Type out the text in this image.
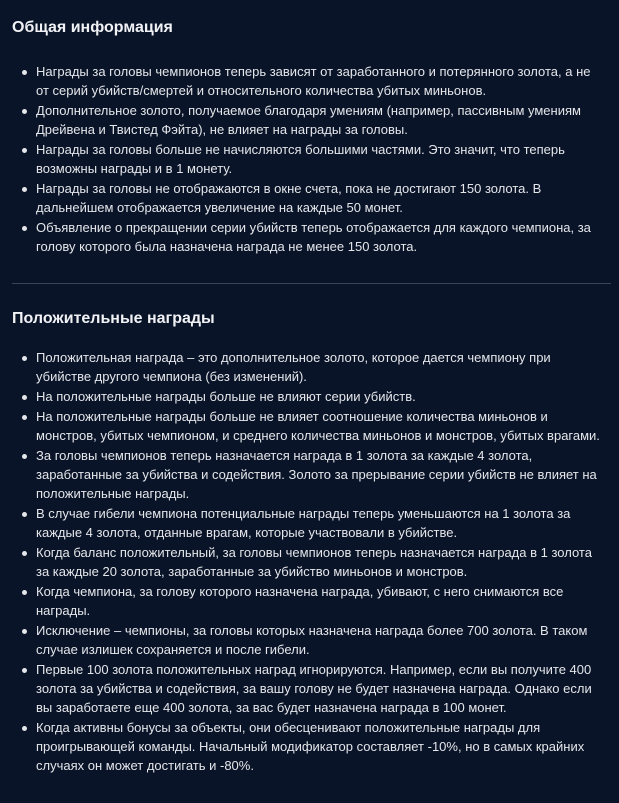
Общая информация
Награды за головы чемпионов теперь зависят от заработанного и потерянного золота, а не от серий убийств/смертей и относительного количества убитых миньонов.
Дополнительное золото, получаемое благодаря умениям (например, пассивным умениям Дрейвена и Твистед Фэйта), не влияет на награды за головы.
Награды за головы больше не начисляются большими частями. Это значит, что теперь возможны награды и в 1 монету.
Награды за головы не отображаются в окне счета, пока не достигают 150 золота. В дальнейшем отображается увеличение на каждые 50 монет.
Объявление о прекращении серии убийств теперь отображается для каждого чемпиона, за голову которого была назначена награда не менее 150 золота.
Положительные награды
Положительная награда – это дополнительное золото, которое дается чемпиону при убийстве другого чемпиона (без изменений).
На положительные награды больше не влияют серии убийств.
На положительные награды больше не влияет соотношение количества миньонов и монстров, убитых чемпионом, и среднего количества миньонов и монстров, убитых врагами.
За головы чемпионов теперь назначается награда в 1 золота за каждые 4 золота, заработанные за убийства и содействия. Золото за прерывание серии убийств не влияет на положительные награды.
В случае гибели чемпиона потенциальные награды теперь уменьшаются на 1 золота за каждые 4 золота, отданные врагам, которые участвовали в убийстве.
Когда баланс положительный, за головы чемпионов теперь назначается награда в 1 золота за каждые 20 золота, заработанные за убийство миньонов и монстров.
Когда чемпиона, за голову которого назначена награда, убивают, с него снимаются все награды.
Исключение – чемпионы, за головы которых назначена награда более 700 золота. В таком случае излишек сохраняется и после гибели.
Первые 100 золота положительных наград игнорируются. Например, если вы получите 400 золота за убийства и содействия, за вашу голову не будет назначена награда. Однако если вы заработаете еще 400 золота, за вас будет назначена награда в 100 монет.
Когда активны бонусы за объекты, они обесценивают положительные награды для проигрывающей команды. Начальный модификатор составляет -10%, но в самых крайних случаях он может достигать и -80%.
